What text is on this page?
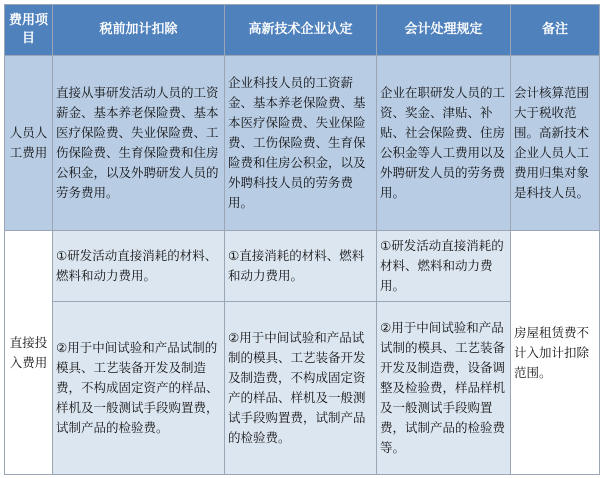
费用项目	税前加计扣除	高新技术企业认定	会计处理规定	备注

人员人工费用	直接从事研发活动人员的工资薪金、基本养老保险费、基本医疗保险费、失业保险费、工伤保险费、生育保险费和住房公积金，以及外聘研发人员的劳务费用。	企业科技人员的工资薪金、基本养老保险费、基本医疗保险费、失业保险费、工伤保险费、生育保险费和住房公积金，以及外聘科技人员的劳务费用。	企业在职研发人员的工资、奖金、津贴、补贴、社会保险费、住房公积金等人工费用以及外聘研发人员的劳务费用。	会计核算范围大于税收范围。高新技术企业人员人工费用归集对象是科技人员。

直接投入费用	①研发活动直接消耗的材料、燃料和动力费用。	①直接消耗的材料、燃料和动力费用。	①研发活动直接消耗的材料、燃料和动力费用。	房屋租赁费不计入加计扣除范围。

	②用于中间试验和产品试制的模具、工艺装备开发及制造费，不构成固定资产的样品、样机及一般测试手段购置费，试制产品的检验费。	②用于中间试验和产品试制的模具、工艺装备开发及制造费，不构成固定资产的样品、样机及一般测试手段购置费，试制产品的检验费。	②用于中间试验和产品试制的模具、工艺装备开发及制造费，设备调整及检验费，样品样机及一般测试手段购置费，试制产品的检验费等。	
